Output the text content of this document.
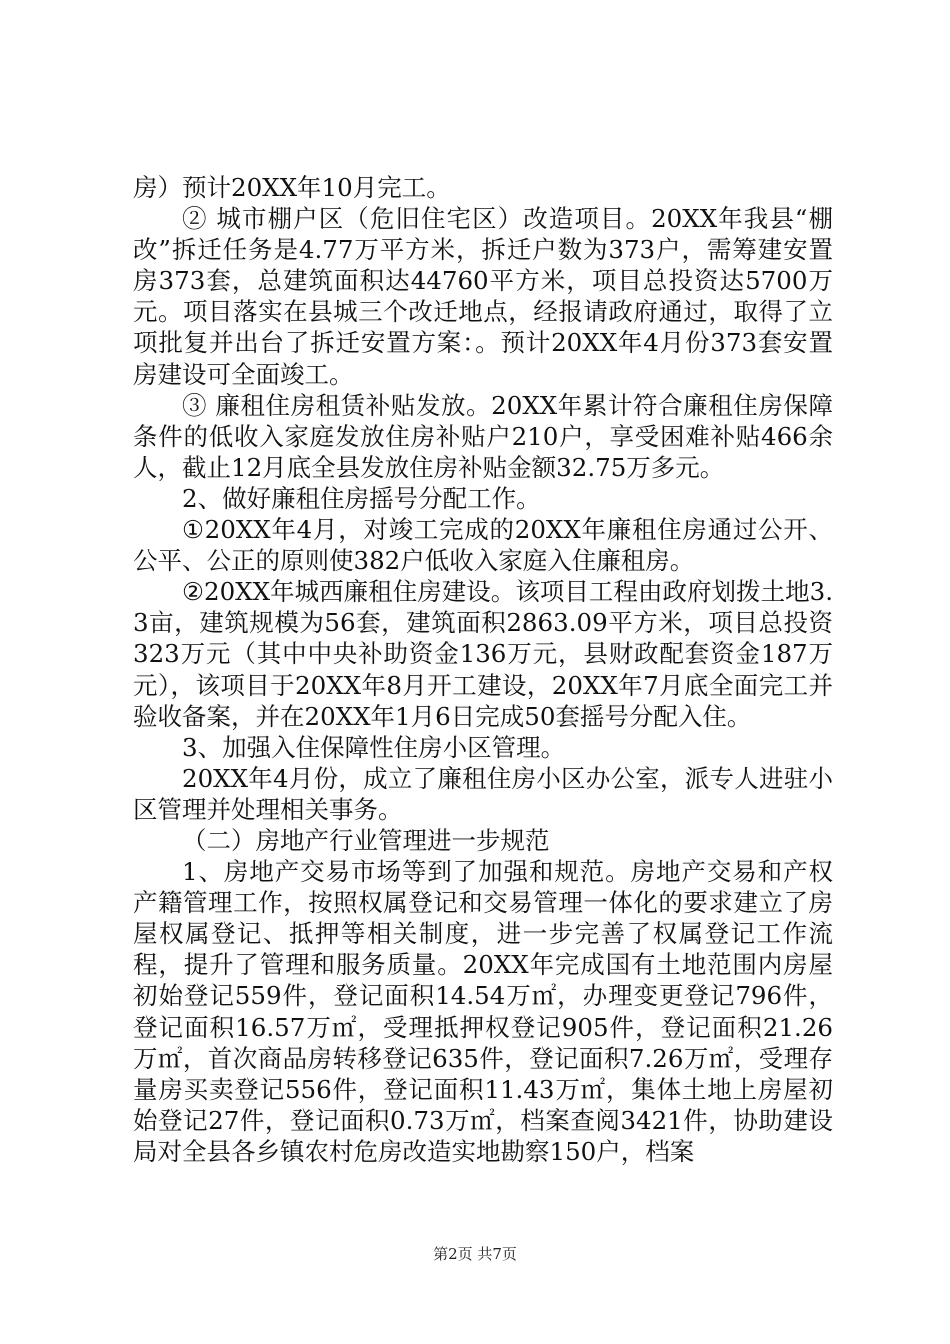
房）预计20XX年10月完工。

② 城市棚户区（危旧住宅区）改造项目。20XX年我县“棚改”拆迁任务是4.77万平方米，拆迁户数为373户，需筹建安置房373套，总建筑面积达44760平方米，项目总投资达5700万元。项目落实在县城三个改迁地点，经报请政府通过，取得了立项批复并出台了拆迁安置方案：。预计20XX年4月份373套安置房建设可全面竣工。

③ 廉租住房租赁补贴发放。20XX年累计符合廉租住房保障条件的低收入家庭发放住房补贴户210户，享受困难补贴466余人，截止12月底全县发放住房补贴金额32.75万多元。

2、做好廉租住房摇号分配工作。

①20XX年4月，对竣工完成的20XX年廉租住房通过公开、公平、公正的原则使382户低收入家庭入住廉租房。

②20XX年城西廉租住房建设。该项目工程由政府划拨土地3.3亩，建筑规模为56套，建筑面积2863.09平方米，项目总投资323万元（其中中央补助资金136万元，县财政配套资金187万元），该项目于20XX年8月开工建设，20XX年7月底全面完工并验收备案，并在20XX年1月6日完成50套摇号分配入住。

3、加强入住保障性住房小区管理。

20XX年4月份，成立了廉租住房小区办公室，派专人进驻小区管理并处理相关事务。

（二）房地产行业管理进一步规范

1、房地产交易市场等到了加强和规范。房地产交易和产权产籍管理工作，按照权属登记和交易管理一体化的要求建立了房屋权属登记、抵押等相关制度，进一步完善了权属登记工作流程，提升了管理和服务质量。20XX年完成国有土地范围内房屋初始登记559件，登记面积14.54万㎡，办理变更登记796件，登记面积16.57万㎡，受理抵押权登记905件，登记面积21.26万㎡，首次商品房转移登记635件，登记面积7.26万㎡，受理存量房买卖登记556件，登记面积11.43万㎡，集体土地上房屋初始登记27件，登记面积0.73万㎡，档案查阅3421件，协助建设局对全县各乡镇农村危房改造实地勘察150户，档案

第2页 共7页
